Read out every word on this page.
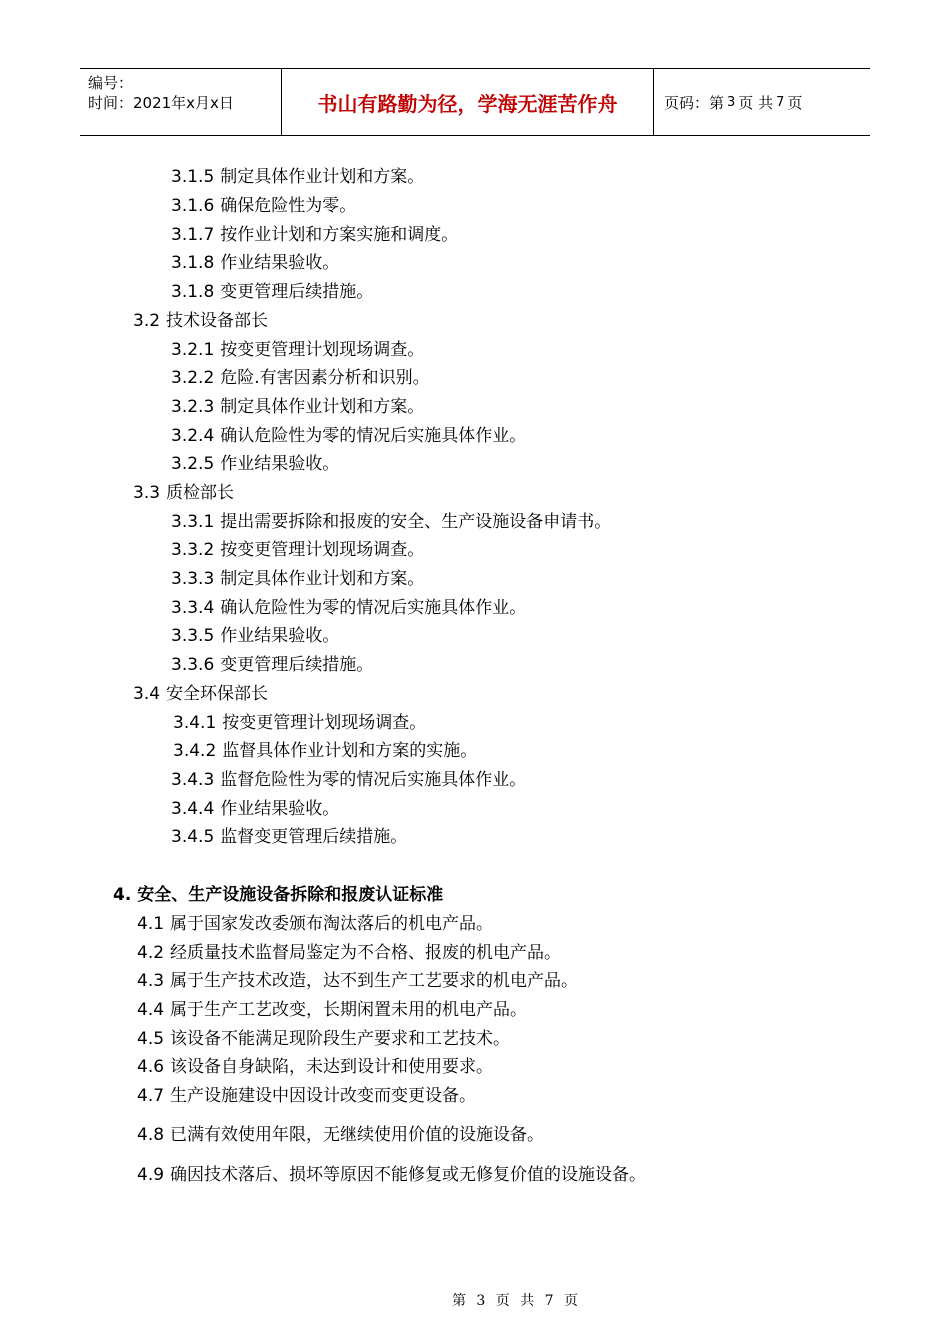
编号：
时间：2021年x月x日	书山有路勤为径，学海无涯苦作舟	页码：第 3 页 共 7 页
3.1.5 制定具体作业计划和方案。
3.1.6 确保危险性为零。
3.1.7 按作业计划和方案实施和调度。
3.1.8 作业结果验收。
3.1.8 变更管理后续措施。
3.2 技术设备部长
3.2.1 按变更管理计划现场调查。
3.2.2 危险.有害因素分析和识别。
3.2.3 制定具体作业计划和方案。
3.2.4 确认危险性为零的情况后实施具体作业。
3.2.5 作业结果验收。
3.3 质检部长
3.3.1 提出需要拆除和报废的安全、生产设施设备申请书。
3.3.2 按变更管理计划现场调查。
3.3.3 制定具体作业计划和方案。
3.3.4 确认危险性为零的情况后实施具体作业。
3.3.5 作业结果验收。
3.3.6 变更管理后续措施。
3.4 安全环保部长
3.4.1 按变更管理计划现场调查。
3.4.2 监督具体作业计划和方案的实施。
3.4.3 监督危险性为零的情况后实施具体作业。
3.4.4 作业结果验收。
3.4.5 监督变更管理后续措施。
4. 安全、生产设施设备拆除和报废认证标准
4.1 属于国家发改委颁布淘汰落后的机电产品。
4.2 经质量技术监督局鉴定为不合格、报废的机电产品。
4.3 属于生产技术改造，达不到生产工艺要求的机电产品。
4.4 属于生产工艺改变，长期闲置未用的机电产品。
4.5 该设备不能满足现阶段生产要求和工艺技术。
4.6 该设备自身缺陷，未达到设计和使用要求。
4.7 生产设施建设中因设计改变而变更设备。
4.8 已满有效使用年限，无继续使用价值的设施设备。
4.9 确因技术落后、损坏等原因不能修复或无修复价值的设施设备。
第 3 页 共 7 页
